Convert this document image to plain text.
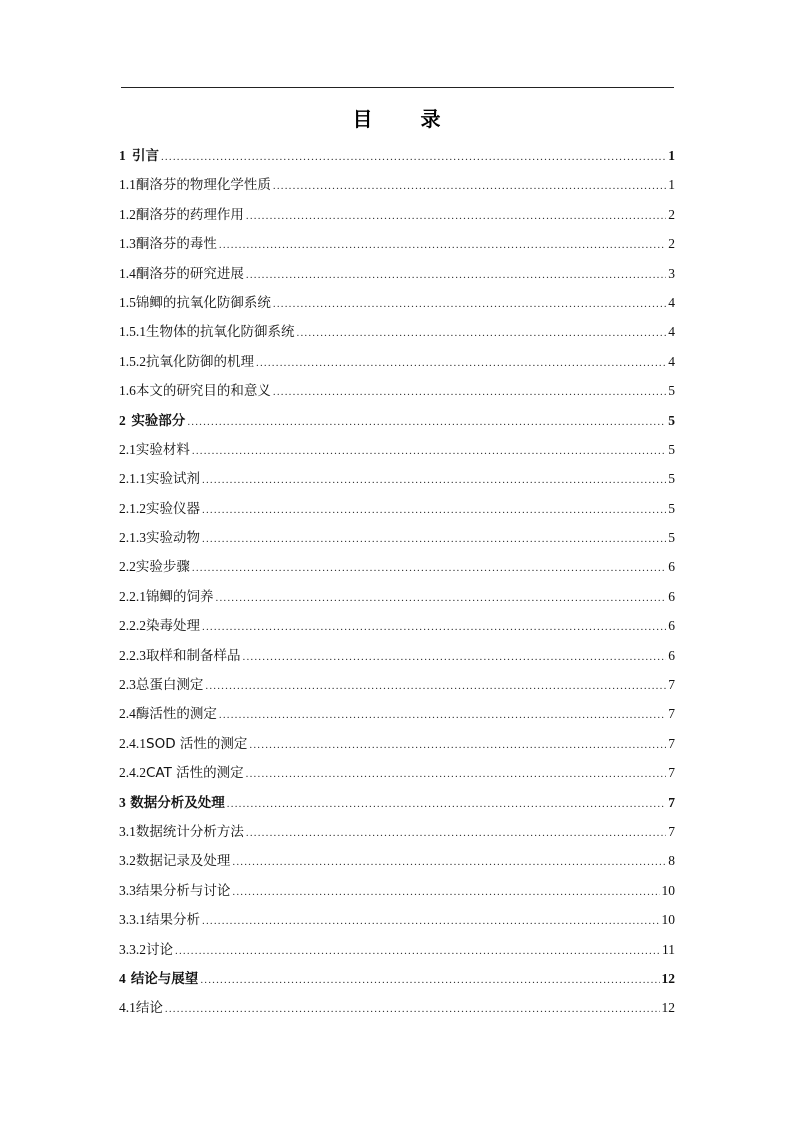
目　录
1 引言 .....	1
1.1 酮洛芬的物理化学性质 .....	1
1.2 酮洛芬的药理作用 .....	2
1.3 酮洛芬的毒性 .....	2
1.4 酮洛芬的研究进展 .....	3
1.5 锦鲫的抗氧化防御系统 .....	4
1.5.1 生物体的抗氧化防御系统 .....	4
1.5.2 抗氧化防御的机理 .....	4
1.6 本文的研究目的和意义 .....	5
2 实验部分 .....	5
2.1 实验材料 .....	5
2.1.1 实验试剂 .....	5
2.1.2 实验仪器 .....	5
2.1.3 实验动物 .....	5
2.2 实验步骤 .....	6
2.2.1 锦鲫的饲养 .....	6
2.2.2 染毒处理 .....	6
2.2.3 取样和制备样品 .....	6
2.3 总蛋白测定 .....	7
2.4 酶活性的测定 .....	7
2.4.1 SOD 活性的测定 .....	7
2.4.2 CAT 活性的测定 .....	7
3 数据分析及处理 .....	7
3.1 数据统计分析方法 .....	7
3.2 数据记录及处理 .....	8
3.3 结果分析与讨论 .....	10
3.3.1 结果分析 .....	10
3.3.2 讨论 .....	11
4 结论与展望 .....	12
4.1 结论 .....	12
